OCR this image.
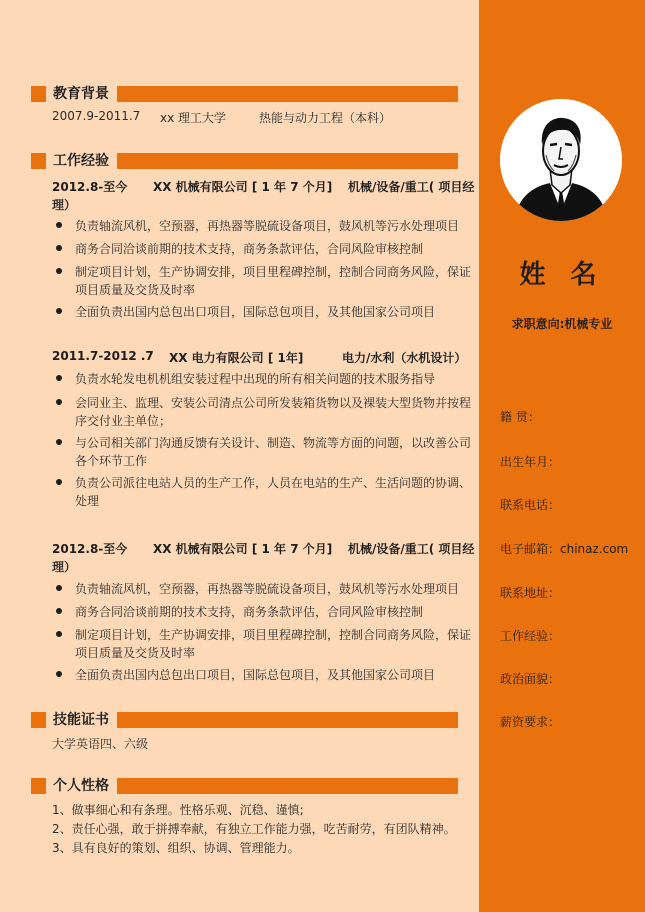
姓 名
求职意向:机械专业
籍 贯：
出生年月：
联系电话：
电子邮箱：chinaz.com
联系地址：
工作经验：
政治面貌：
薪资要求：
教育背景
2007.9-2011.7 xx 理工大学	热能与动力工程（本科）
工作经验
2012.8-至今 XX 机械有限公司 [ 1 年 7 个月] 机械/设备/重工( 项目经
理）
负责轴流风机，空预器，再热器等脱硫设备项目，鼓风机等污水处理项目
商务合同洽谈前期的技术支持，商务条款评估，合同风险审核控制
制定项目计划，生产协调安排，项目里程碑控制，控制合同商务风险，保证
项目质量及交货及时率
全面负责出国内总包出口项目，国际总包项目，及其他国家公司项目
2011.7-2012 .7 XX 电力有限公司 [ 1年]	电力/水利（水机设计）
负责水轮发电机机组安装过程中出现的所有相关问题的技术服务指导
会同业主、监理、安装公司清点公司所发装箱货物以及裸装大型货物并按程
序交付业主单位；
与公司相关部门沟通反馈有关设计、制造、物流等方面的问题，以改善公司
各个环节工作
负责公司派往电站人员的生产工作，人员在电站的生产、生活问题的协调、
处理
2012.8-至今 XX 机械有限公司 [ 1 年 7 个月] 机械/设备/重工( 项目经
理）
负责轴流风机，空预器，再热器等脱硫设备项目，鼓风机等污水处理项目
商务合同洽谈前期的技术支持，商务条款评估，合同风险审核控制
制定项目计划，生产协调安排，项目里程碑控制，控制合同商务风险，保证
项目质量及交货及时率
全面负责出国内总包出口项目，国际总包项目，及其他国家公司项目
技能证书
大学英语四、六级
个人性格
1、做事细心和有条理。性格乐观、沉稳、谨慎;
2、责任心强，敢于拼搏奉献，有独立工作能力强，吃苦耐劳，有团队精神。
3、具有良好的策划、组织、协调、管理能力。
